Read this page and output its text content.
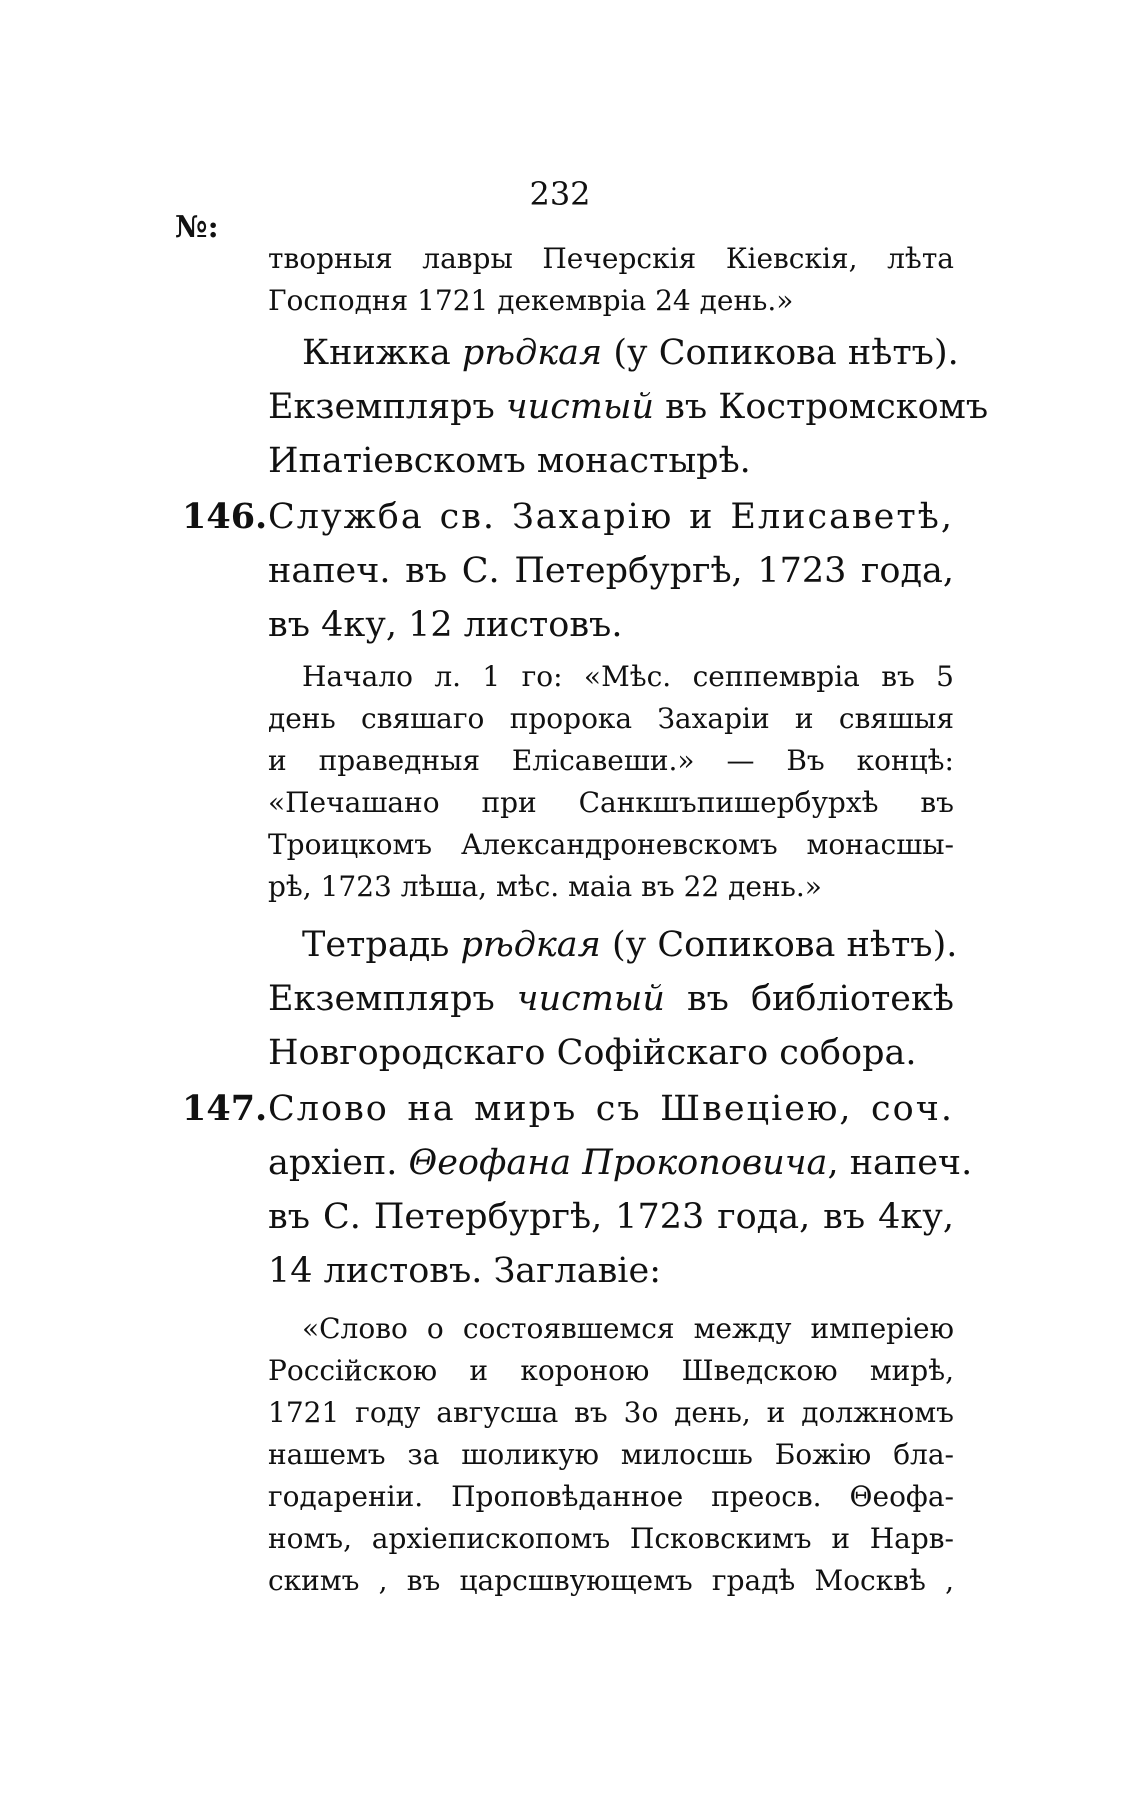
232
№:
творныя лавры Печерскія Кіевскія, лѣта
Господня 1721 декемвріа 24 день.»
Книжка рѣдкая (у Сопикова нѣтъ).
Екземпляръ чистый въ Костромскомъ
Ипатіевскомъ монастырѣ.
146. Служба св. Захарію и Елисаветѣ,
напеч. въ С. Петербургѣ, 1723 года,
въ 4ку, 12 листовъ.
Начало л. 1 го: «Мѣс. сеппемвріа въ 5
день свяшаго пророка Захаріи и свяшыя
и праведныя Елісавеши.» — Въ концѣ:
«Печашано при Санкшъпишербурхѣ въ
Троицкомъ Александроневскомъ монасшы-
рѣ, 1723 лѣша, мѣс. маіа въ 22 день.»
Тетрадь рѣдкая (у Сопикова нѣтъ).
Екземпляръ чистый въ библіотекѣ
Новгородскаго Софійскаго собора.
147. Слово на миръ съ Швеціею, соч.
архіеп. Θеофана Прокоповича, напеч.
въ С. Петербургѣ, 1723 года, въ 4ку,
14 листовъ. Заглавіе:
«Слово о состоявшемся между имперіею
Россійскою и короною Шведскою мирѣ,
1721 году авгусша въ 3о день, и должномъ
нашемъ за шоликую милосшь Божію бла-
годареніи. Проповѣданное преосв. Θеофа-
номъ, архіепископомъ Псковскимъ и Нарв-
скимъ , въ царсшвующемъ градѣ Москвѣ ,
